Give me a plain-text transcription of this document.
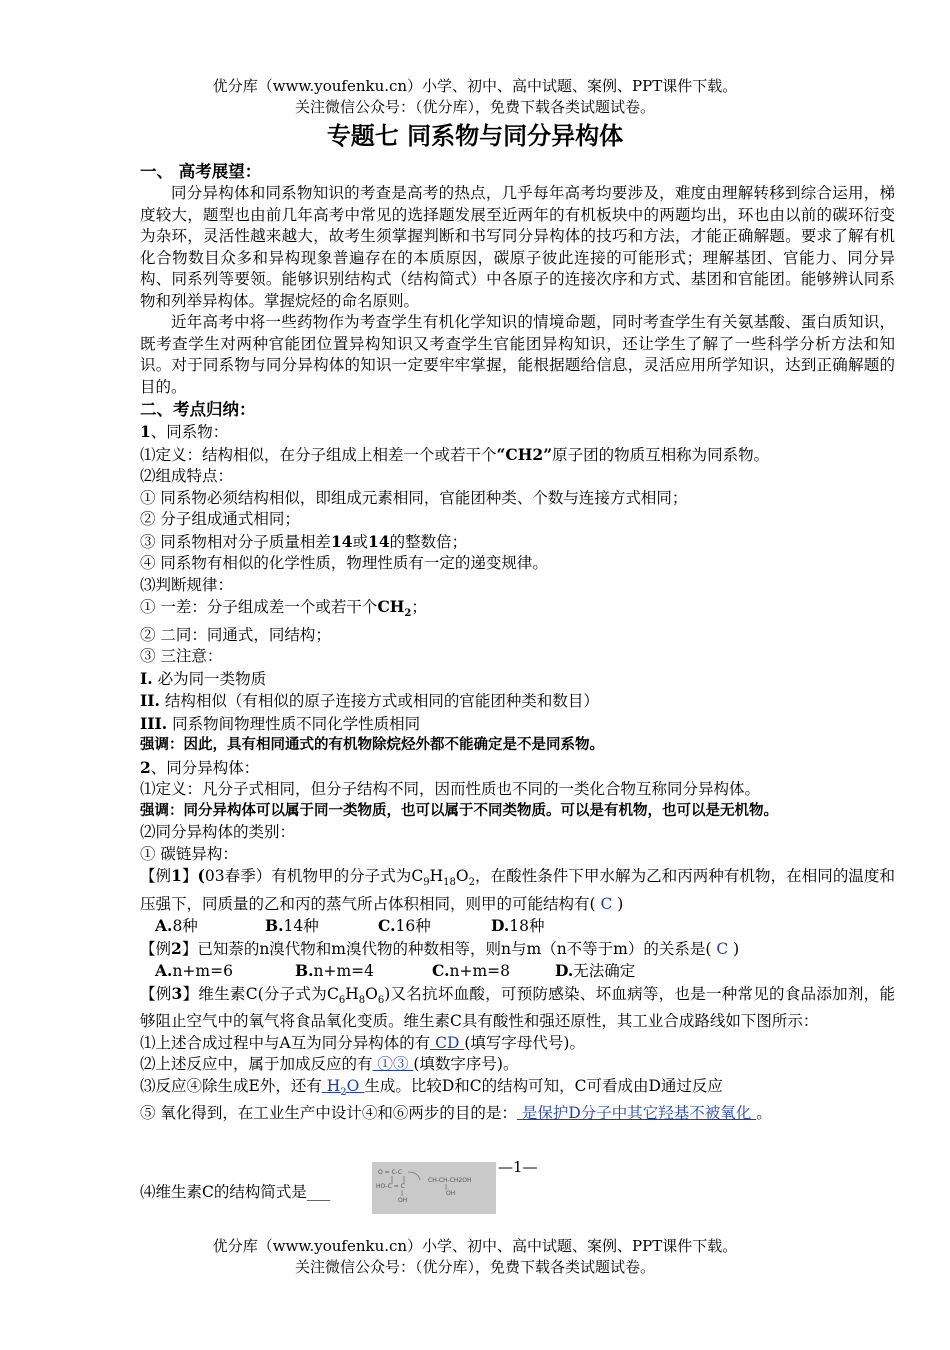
优分库（www.youfenku.cn）小学、初中、高中试题、案例、PPT课件下载。
关注微信公众号：（优分库），免费下载各类试题试卷。
专题七 同系物与同分异构体
一、 高考展望：
同分异构体和同系物知识的考查是高考的热点，几乎每年高考均要涉及，难度由理解转移到综合运用，梯度较大，题型也由前几年高考中常见的选择题发展至近两年的有机板块中的两题均出，环也由以前的碳环衍变为杂环，灵活性越来越大，故考生须掌握判断和书写同分异构体的技巧和方法，才能正确解题。要求了解有机化合物数目众多和异构现象普遍存在的本质原因，碳原子彼此连接的可能形式；理解基团、官能力、同分异构、同系列等要领。能够识别结构式（结构简式）中各原子的连接次序和方式、基团和官能团。能够辨认同系物和列举异构体。掌握烷烃的命名原则。
近年高考中将一些药物作为考查学生有机化学知识的情境命题，同时考查学生有关氨基酸、蛋白质知识，既考查学生对两种官能团位置异构知识又考查学生官能团异构知识，还让学生了解了一些科学分析方法和知识。对于同系物与同分异构体的知识一定要牢牢掌握，能根据题给信息，灵活应用所学知识，达到正确解题的目的。
二、考点归纳：
1、同系物：
⑴定义：结构相似，在分子组成上相差一个或若干个“CH2”原子团的物质互相称为同系物。
⑵组成特点：
① 同系物必须结构相似，即组成元素相同，官能团种类、个数与连接方式相同；
② 分子组成通式相同；
③ 同系物相对分子质量相差14或14的整数倍；
④ 同系物有相似的化学性质，物理性质有一定的递变规律。
⑶判断规律：
① 一差：分子组成差一个或若干个$CH_2$；
② 二同：同通式，同结构；
③ 三注意：
I. 必为同一类物质
II. 结构相似（有相似的原子连接方式或相同的官能团种类和数目）
III. 同系物间物理性质不同化学性质相同
强调：因此，具有相同通式的有机物除烷烃外都不能确定是不是同系物。
2、同分异构体：
⑴定义：凡分子式相同，但分子结构不同，因而性质也不同的一类化合物互称同分异构体。
强调：同分异构体可以属于同一类物质，也可以属于不同类物质。可以是有机物，也可以是无机物。
⑵同分异构体的类别：
① 碳链异构：
【例1】(03春季）有机物甲的分子式为$C_9H_{18}O_2$，在酸性条件下甲水解为乙和丙两种有机物，在相同的温度和压强下，同质量的乙和丙的蒸气所占体积相同，则甲的可能结构有( C )
A.8种	B.14种	C.16种	D.18种
【例2】已知萘的n溴代物和m溴代物的种数相等，则n与m（n不等于m）的关系是( C )
A.n+m=6	B.n+m=4	C.n+m=8	D.无法确定
【例3】维生素C(分子式为$C_6H_8O_6$)又名抗坏血酸，可预防感染、坏血病等，也是一种常见的食品添加剂，能够阻止空气中的氧气将食品氧化变质。维生素C具有酸性和强还原性，其工业合成路线如下图所示：
⑴上述合成过程中与A互为同分异构体的有 CD (填写字母代号)。
⑵上述反应中，属于加成反应的有 ①③ (填数字序号)。
⑶反应④除生成E外，还有 $H_2O$ 生成。比较D和C的结构可知，C可看成由D通过反应
⑤ 氧化得到，在工业生产中设计④和⑥两步的目的是： 是保护D分子中其它羟基不被氧化 。
—1—
⑷维生素C的结构简式是___
O = C-C
HO-C = C
CH-CH-CH2OH
OH
OH
优分库（www.youfenku.cn）小学、初中、高中试题、案例、PPT课件下载。
关注微信公众号：（优分库），免费下载各类试题试卷。
